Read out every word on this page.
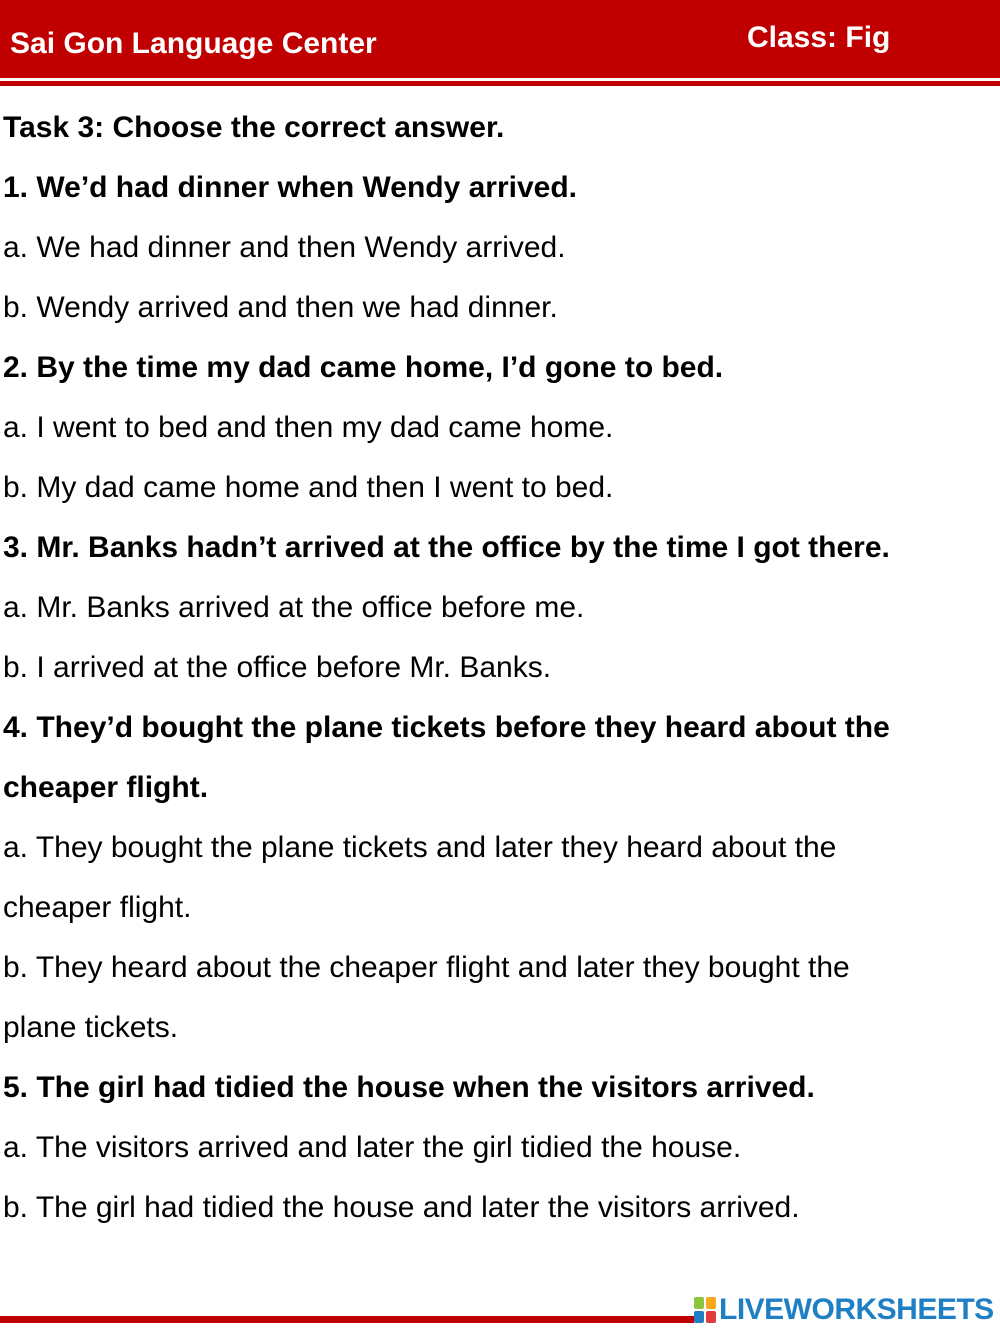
Sai Gon Language Center	Class: Fig
Task 3: Choose the correct answer.
1. We’d had dinner when Wendy arrived.
a. We had dinner and then Wendy arrived.
b. Wendy arrived and then we had dinner.
2. By the time my dad came home, I’d gone to bed.
a. I went to bed and then my dad came home.
b. My dad came home and then I went to bed.
3. Mr. Banks hadn’t arrived at the office by the time I got there.
a. Mr. Banks arrived at the office before me.
b. I arrived at the office before Mr. Banks.
4. They’d bought the plane tickets before they heard about the
cheaper flight.
a. They bought the plane tickets and later they heard about the
cheaper flight.
b. They heard about the cheaper flight and later they bought the
plane tickets.
5. The girl had tidied the house when the visitors arrived.
a. The visitors arrived and later the girl tidied the house.
b. The girl had tidied the house and later the visitors arrived.
LIVEWORKSHEETS
